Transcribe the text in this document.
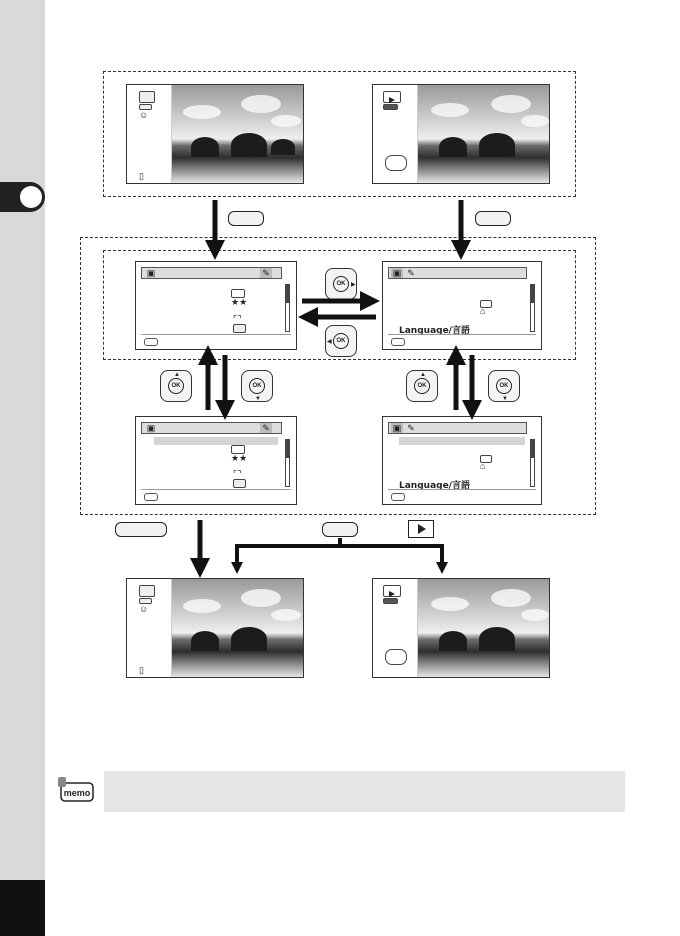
☺
▯
▣	✎
★★
⌜⌝
▣ ✎
⌂
Language/言語
▣	✎
★★
⌜⌝
▣ ✎
⌂
Language/言語
OK ▶
OK
◀
OK
▲
OK
▼
OK
▲
OK
▼
☺
▯
memo
